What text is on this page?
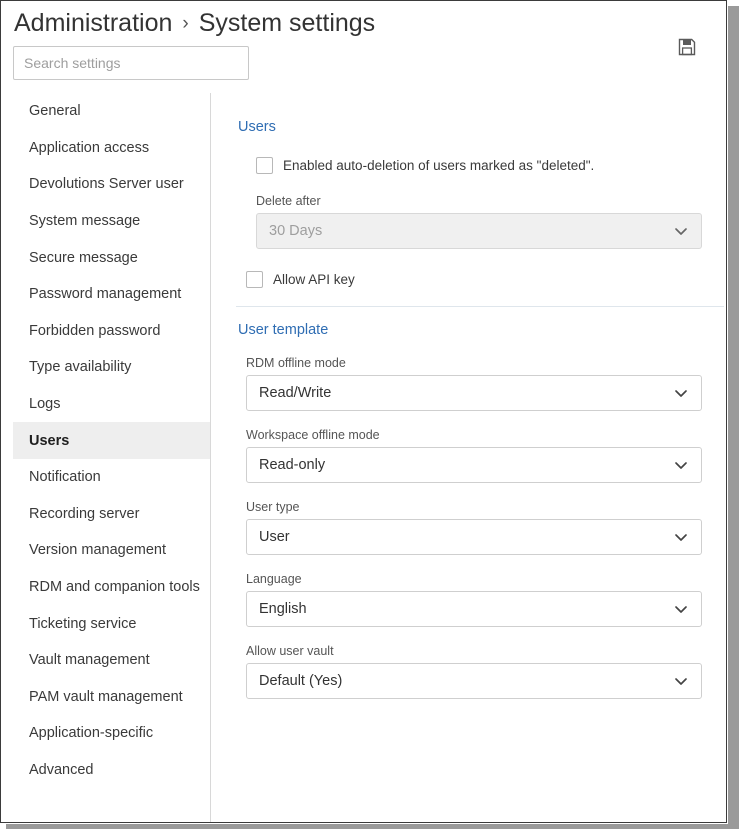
Administration › System settings
Search settings
General
Application access
Devolutions Server user
System message
Secure message
Password management
Forbidden password
Type availability
Logs
Users
Notification
Recording server
Version management
RDM and companion tools
Ticketing service
Vault management
PAM vault management
Application-specific
Advanced
Users
Enabled auto-deletion of users marked as "deleted".
Delete after
30 Days
Allow API key
User template
RDM offline mode
Read/Write
Workspace offline mode
Read-only
User type
User
Language
English
Allow user vault
Default (Yes)
